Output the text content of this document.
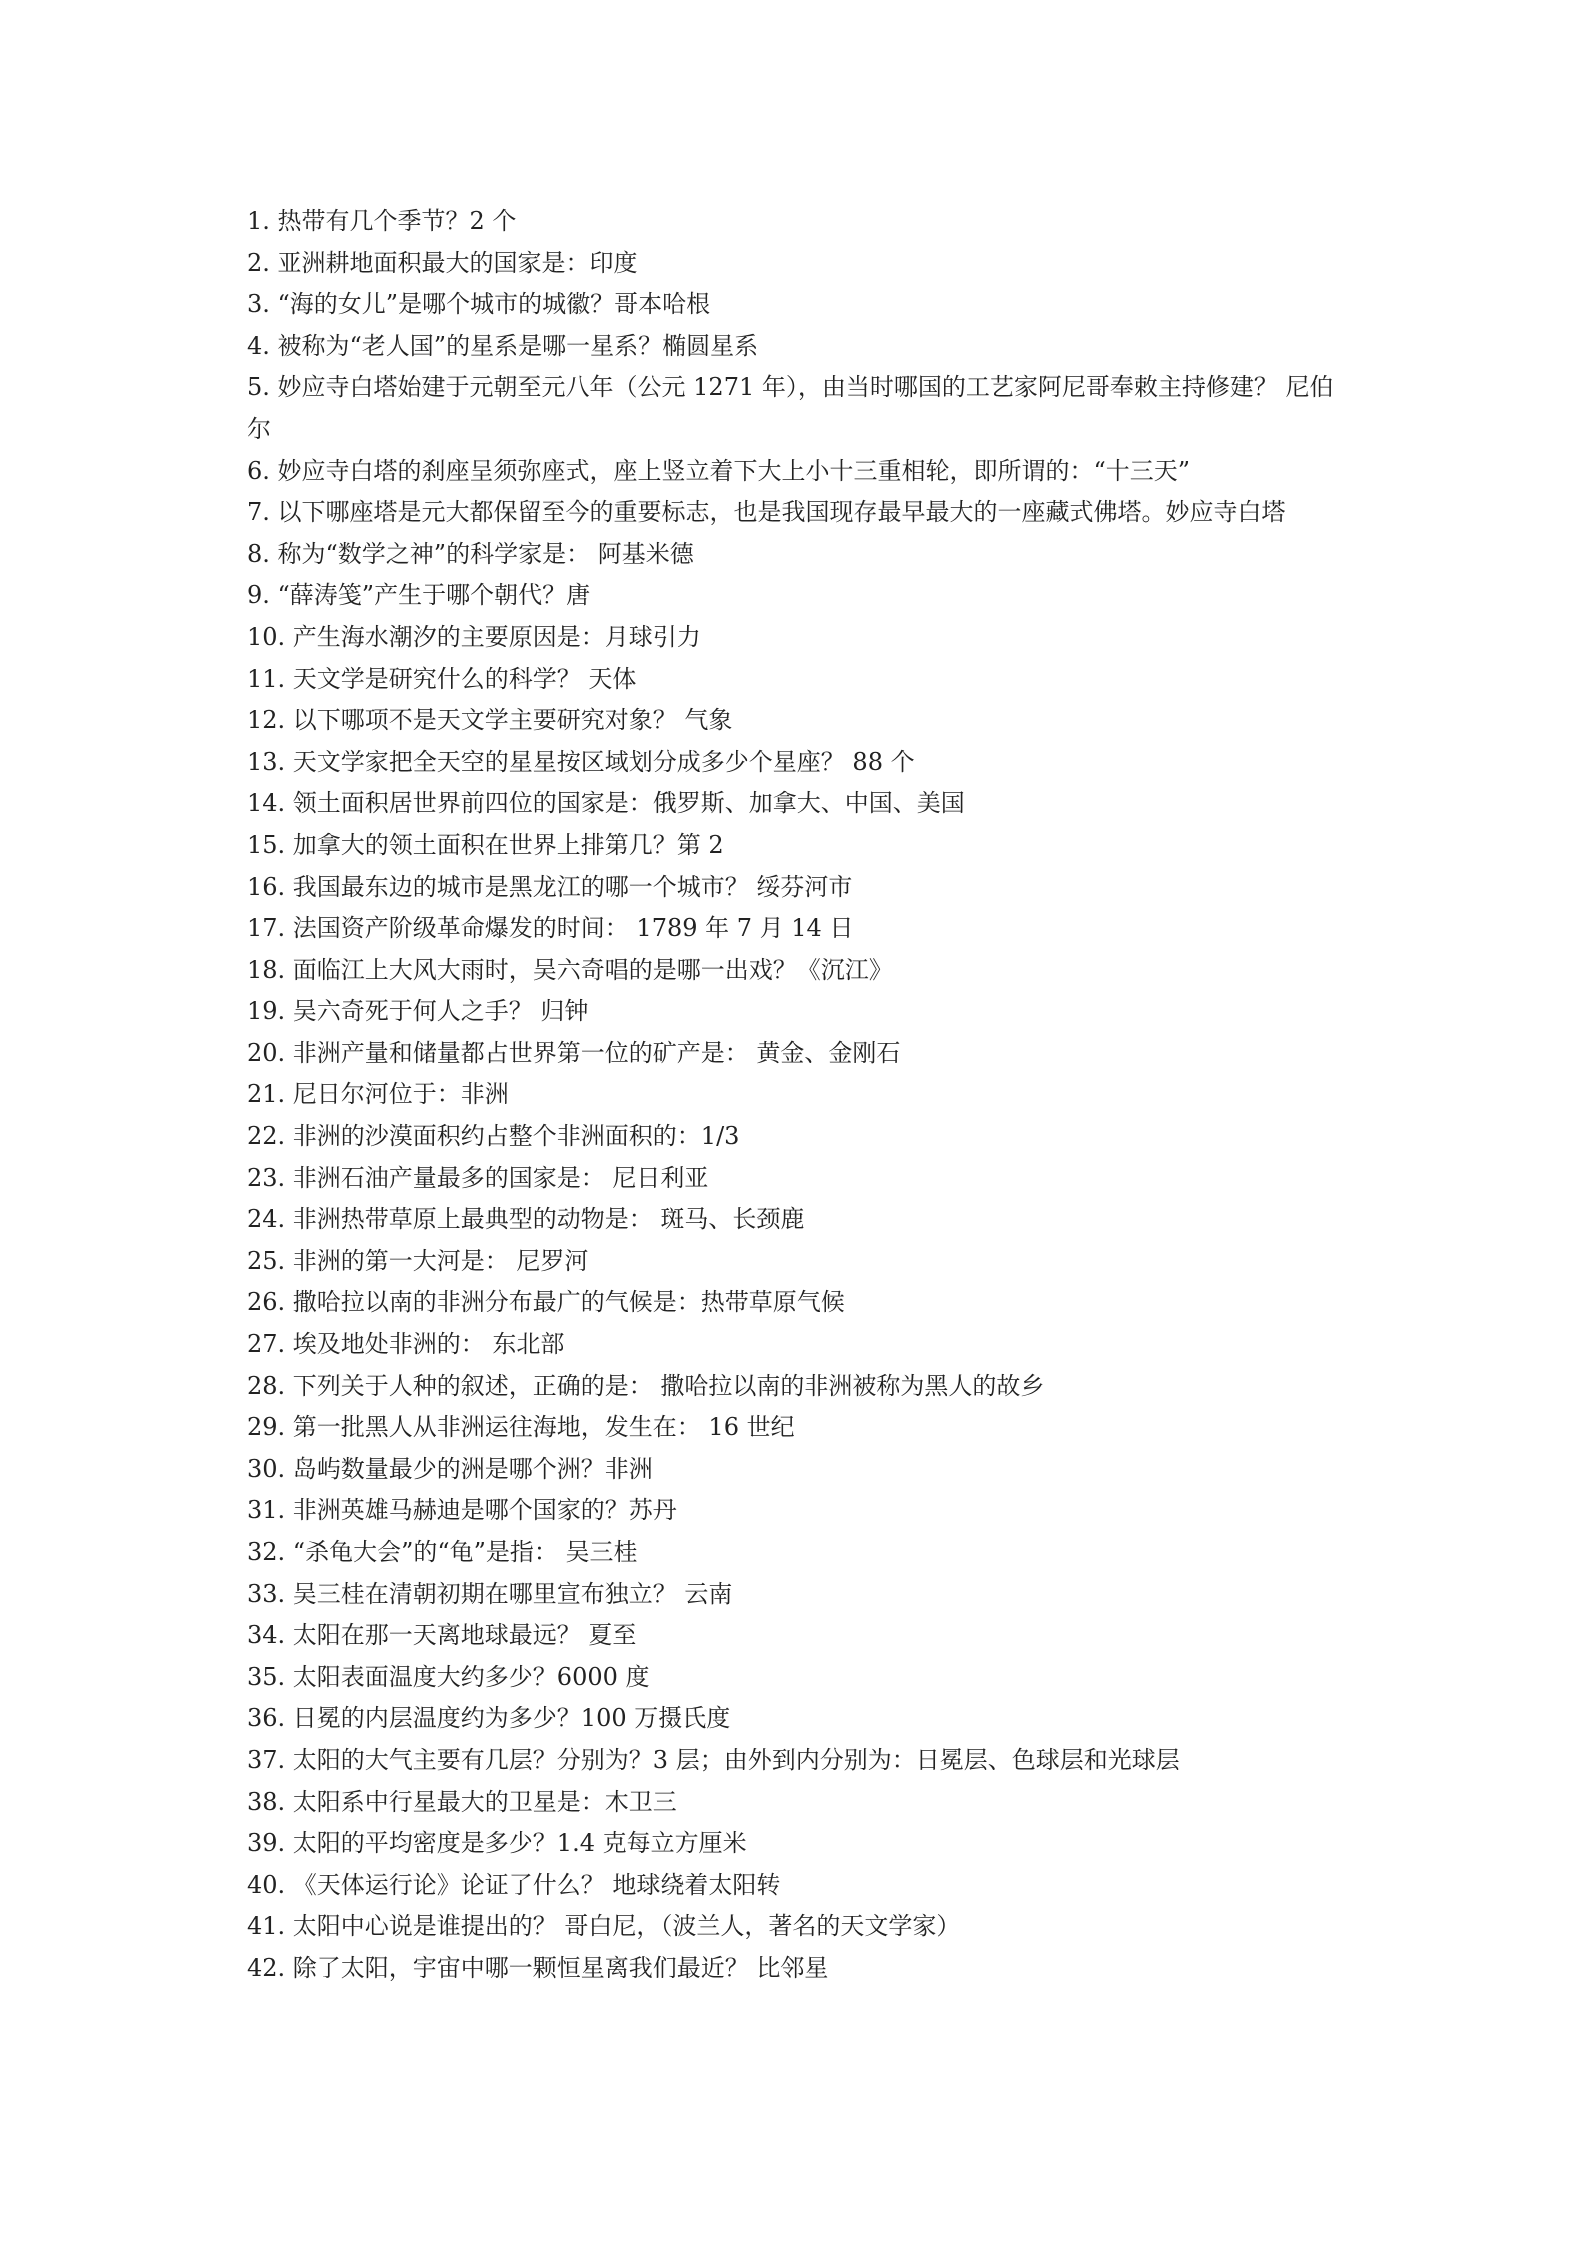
1. 热带有几个季节？2 个
2. 亚洲耕地面积最大的国家是：印度
3. “海的女儿”是哪个城市的城徽？哥本哈根
4. 被称为“老人国”的星系是哪一星系？椭圆星系
5. 妙应寺白塔始建于元朝至元八年（公元 1271 年），由当时哪国的工艺家阿尼哥奉敕主持修建？ 尼伯尔
6. 妙应寺白塔的刹座呈须弥座式，座上竖立着下大上小十三重相轮，即所谓的：“十三天”
7. 以下哪座塔是元大都保留至今的重要标志，也是我国现存最早最大的一座藏式佛塔。妙应寺白塔
8. 称为“数学之神”的科学家是： 阿基米德
9. “薛涛笺”产生于哪个朝代？唐
10. 产生海水潮汐的主要原因是：月球引力
11. 天文学是研究什么的科学？ 天体
12. 以下哪项不是天文学主要研究对象？ 气象
13. 天文学家把全天空的星星按区域划分成多少个星座？ 88 个
14. 领土面积居世界前四位的国家是：俄罗斯、加拿大、中国、美国
15. 加拿大的领土面积在世界上排第几？第 2
16. 我国最东边的城市是黑龙江的哪一个城市？ 绥芬河市
17. 法国资产阶级革命爆发的时间： 1789 年 7 月 14 日
18. 面临江上大风大雨时，吴六奇唱的是哪一出戏？《沉江》
19. 吴六奇死于何人之手？ 归钟
20. 非洲产量和储量都占世界第一位的矿产是： 黄金、金刚石
21. 尼日尔河位于：非洲
22. 非洲的沙漠面积约占整个非洲面积的：1/3
23. 非洲石油产量最多的国家是： 尼日利亚
24. 非洲热带草原上最典型的动物是： 斑马、长颈鹿
25. 非洲的第一大河是： 尼罗河
26. 撒哈拉以南的非洲分布最广的气候是：热带草原气候
27. 埃及地处非洲的： 东北部
28. 下列关于人种的叙述，正确的是： 撒哈拉以南的非洲被称为黑人的故乡
29. 第一批黑人从非洲运往海地，发生在： 16 世纪
30. 岛屿数量最少的洲是哪个洲？非洲
31. 非洲英雄马赫迪是哪个国家的？苏丹
32. “杀龟大会”的“龟”是指： 吴三桂
33. 吴三桂在清朝初期在哪里宣布独立？ 云南
34. 太阳在那一天离地球最远？ 夏至
35. 太阳表面温度大约多少？6000 度
36. 日冕的内层温度约为多少？100 万摄氏度
37. 太阳的大气主要有几层？分别为？3 层；由外到内分别为：日冕层、色球层和光球层
38. 太阳系中行星最大的卫星是：木卫三
39. 太阳的平均密度是多少？1.4 克每立方厘米
40. 《天体运行论》论证了什么？ 地球绕着太阳转
41. 太阳中心说是谁提出的？ 哥白尼，（波兰人，著名的天文学家）
42. 除了太阳，宇宙中哪一颗恒星离我们最近？ 比邻星
